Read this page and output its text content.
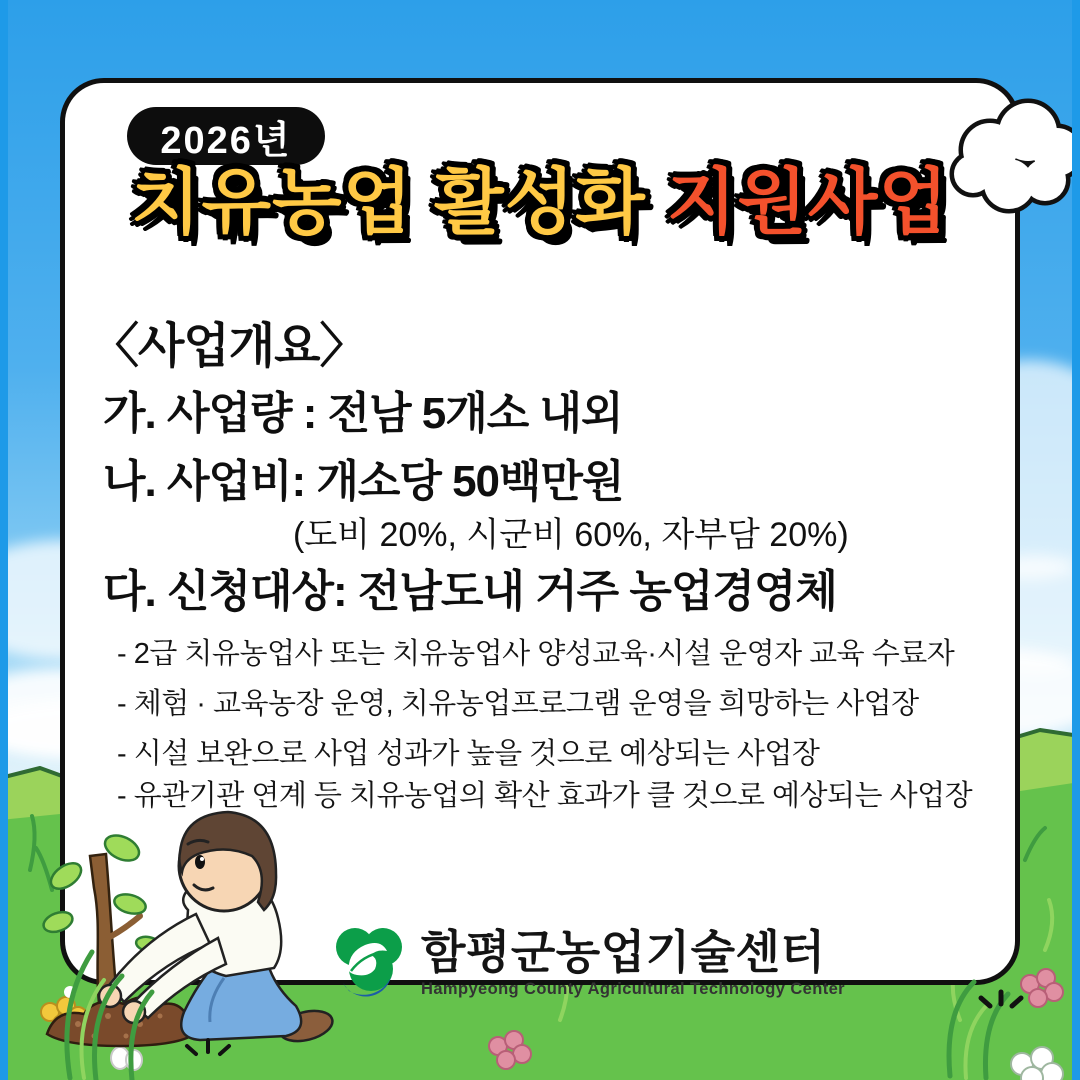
2026년
치유농업 활성화 지원사업
〈사업개요〉
가. 사업량 : 전남 5개소 내외
나. 사업비: 개소당 50백만원
(도비 20%, 시군비 60%, 자부담 20%)
다. 신청대상: 전남도내 거주 농업경영체
- 2급 치유농업사 또는 치유농업사 양성교육·시설 운영자 교육 수료자
- 체험 · 교육농장 운영, 치유농업프로그램 운영을 희망하는 사업장
- 시설 보완으로 사업 성과가 높을 것으로 예상되는 사업장
- 유관기관 연계 등 치유농업의 확산 효과가 클 것으로 예상되는 사업장
함평군농업기술센터
Hampyeong County Agricultural Technology Center
